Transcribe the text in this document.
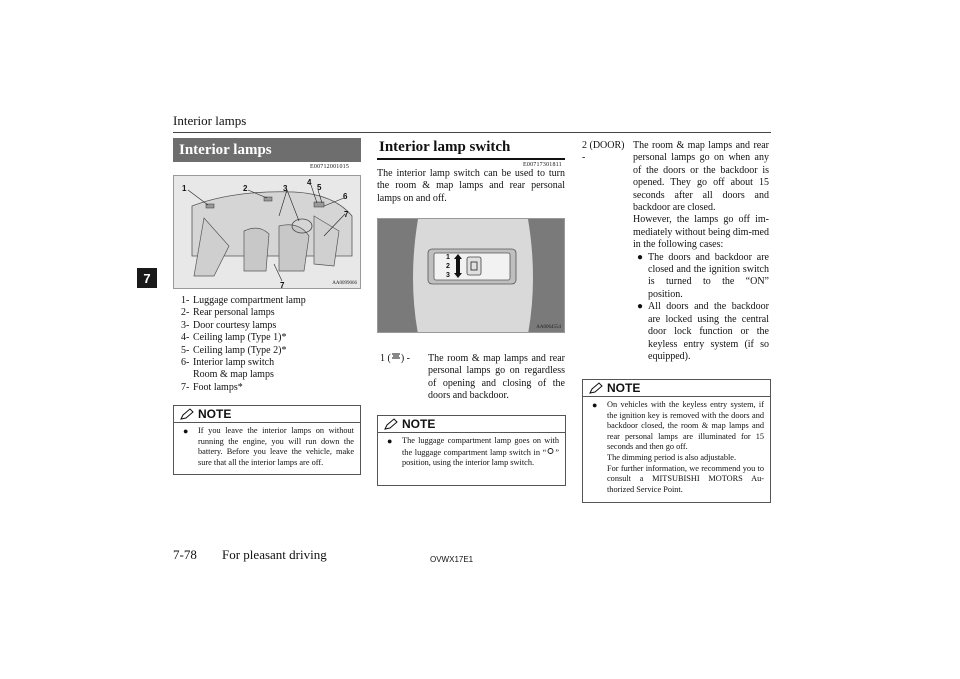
Interior lamps
7
Interior lamps
E00712001015
1	2	3
4
5
6
7
7	AA0099066
1- Luggage compartment lamp
2- Rear personal lamps
3- Door courtesy lamps
4- Ceiling lamp (Type 1)*
5- Ceiling lamp (Type 2)*
6- Interior lamp switch
Room & map lamps
7- Foot lamps*
NOTE
● If you leave the interior lamps on without running the engine, you will run down the battery. Before you leave the vehicle, make sure that all the interior lamps are off.
Interior lamp switch
E00717301811
The interior lamp switch can be used to turn the room & map lamps and rear personal lamps on and off.
1
2
3
AA0064554
1 ( ) -	The room & map lamps and rear personal lamps go on regardless of opening and closing of the doors and backdoor.
NOTE
● The luggage compartment lamp goes on with the luggage compartment lamp switch in “ ” position, using the interior lamp switch.
2 (DOOR) -
The room & map lamps and rear personal lamps go on when any of the doors or the backdoor is opened. They go off about 15 seconds after all doors and backdoor are closed.
However, the lamps go off im-mediately without being dim-med in the following cases:
● The doors and backdoor are closed and the ignition switch is turned to the “ON” position.
● All doors and the backdoor are locked using the central door lock function or the keyless entry system (if so equipped).
NOTE
● On vehicles with the keyless entry system, if the ignition key is removed with the doors and backdoor closed, the room & map lamps and rear personal lamps are illuminated for 15 seconds and then go off.
The dimming period is also adjustable.
For further information, we recommend you to consult a MITSUBISHI MOTORS Au-thorized Service Point.
7-78 For pleasant driving	OVWX17E1
